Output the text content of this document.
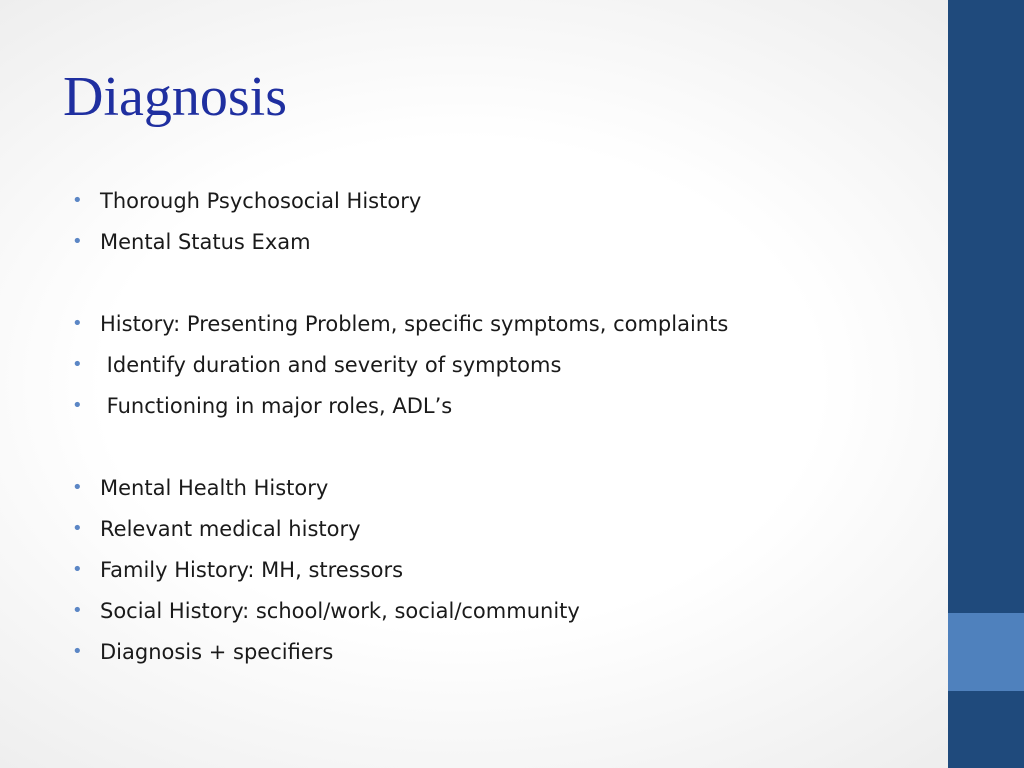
Diagnosis
• Thorough Psychosocial History
• Mental Status Exam
• History: Presenting Problem, specific symptoms, complaints
• Identify duration and severity of symptoms
• Functioning in major roles, ADL’s
• Mental Health History
• Relevant medical history
• Family History: MH, stressors
• Social History: school/work, social/community
• Diagnosis + specifiers
